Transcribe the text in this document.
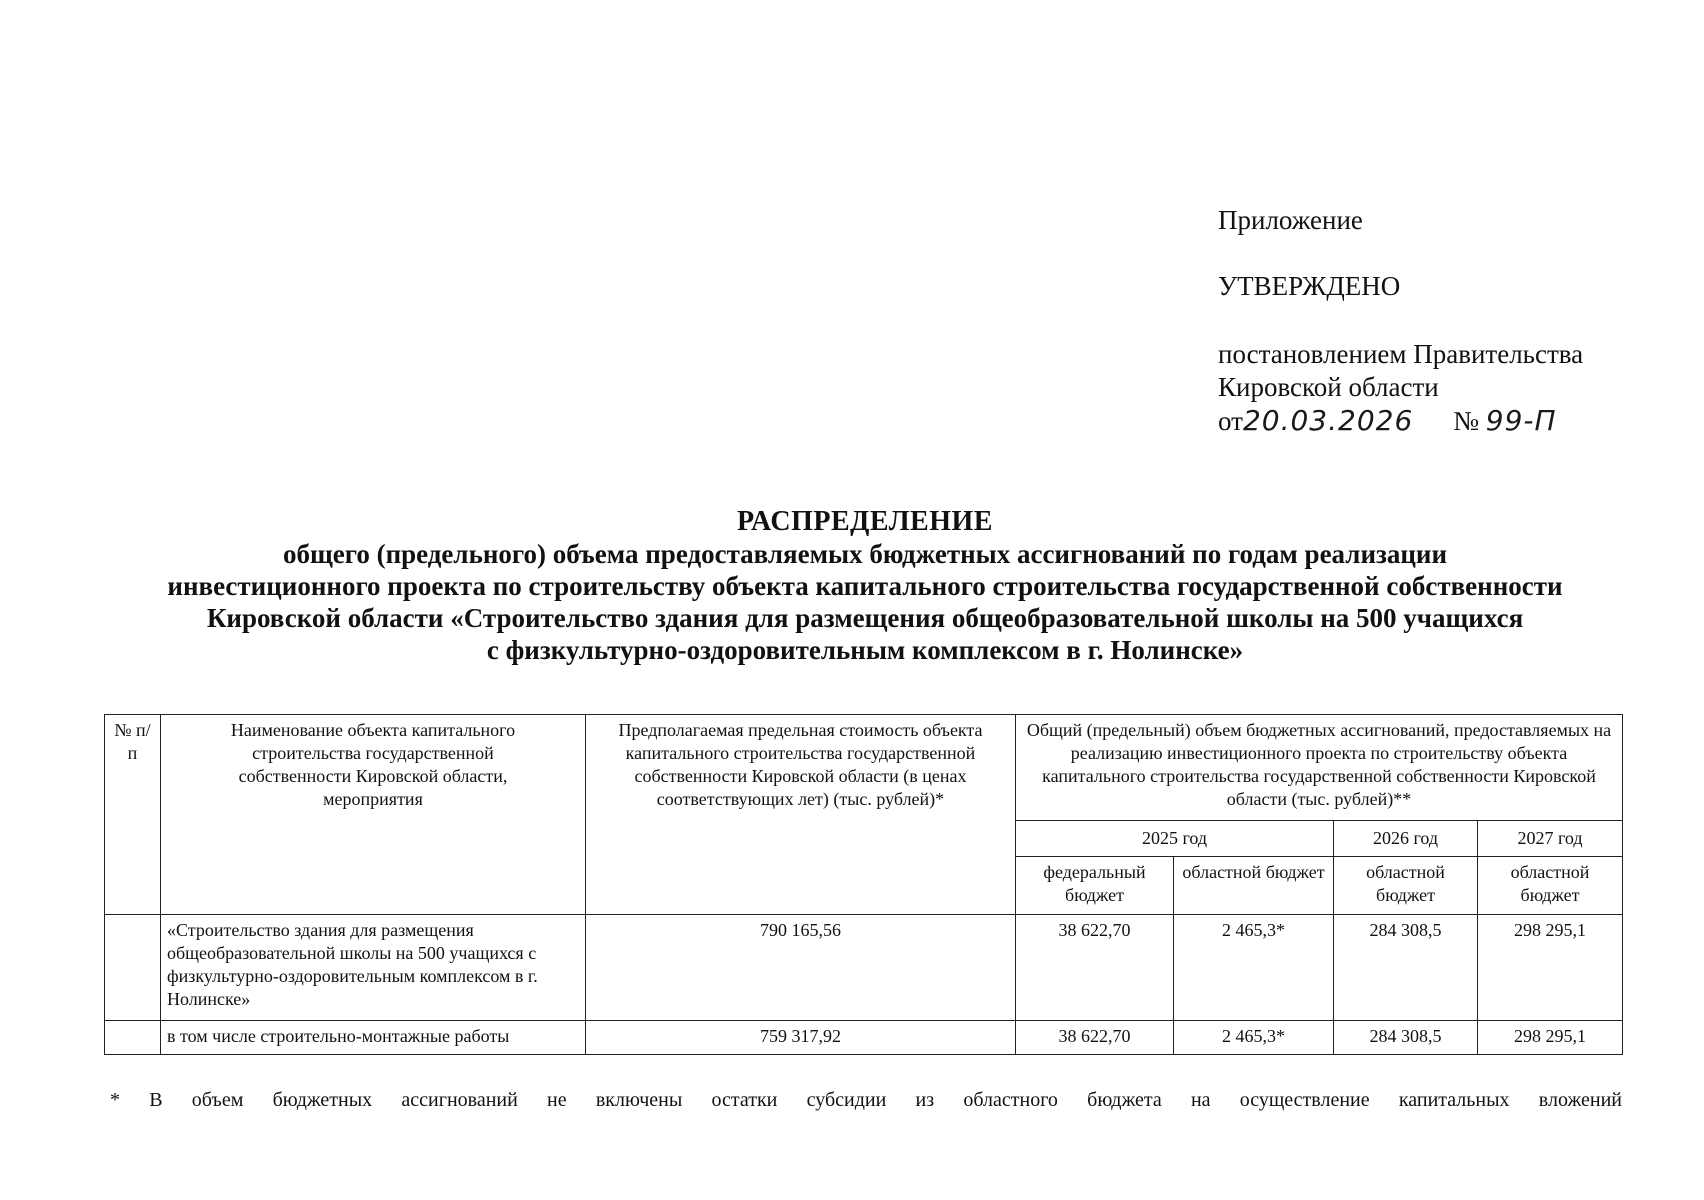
Приложение
УТВЕРЖДЕНО
постановлением Правительства
Кировской области
от20.03.2026 № 99-П
РАСПРЕДЕЛЕНИЕ
общего (предельного) объема предоставляемых бюджетных ассигнований по годам реализации
инвестиционного проекта по строительству объекта капитального строительства государственной собственности
Кировской области «Строительство здания для размещения общеобразовательной школы на 500 учащихся
с физкультурно-оздоровительным комплексом в г. Нолинске»
№ п/п	Наименование объекта капитального строительства государственной собственности Кировской области, мероприятия	Предполагаемая предельная стоимость объекта капитального строительства государственной собственности Кировской области (в ценах соответствующих лет) (тыс. рублей)*	Общий (предельный) объем бюджетных ассигнований, предоставляемых на реализацию инвестиционного проекта по строительству объекта капитального строительства государственной собственности Кировской области (тыс. рублей)**			
			2025 год		2026 год	2027 год
			федеральный бюджет	областной бюджет	областной бюджет	областной бюджет
	«Строительство здания для размещения общеобразовательной школы на 500 учащихся с физкультурно-оздоровительным комплексом в г. Нолинске»	790 165,56	38 622,70	2 465,3*	284 308,5	298 295,1
	в том числе строительно-монтажные работы	759 317,92	38 622,70	2 465,3*	284 308,5	298 295,1
* В объем бюджетных ассигнований не включены остатки субсидии из областного бюджета на осуществление капитальных вложений
